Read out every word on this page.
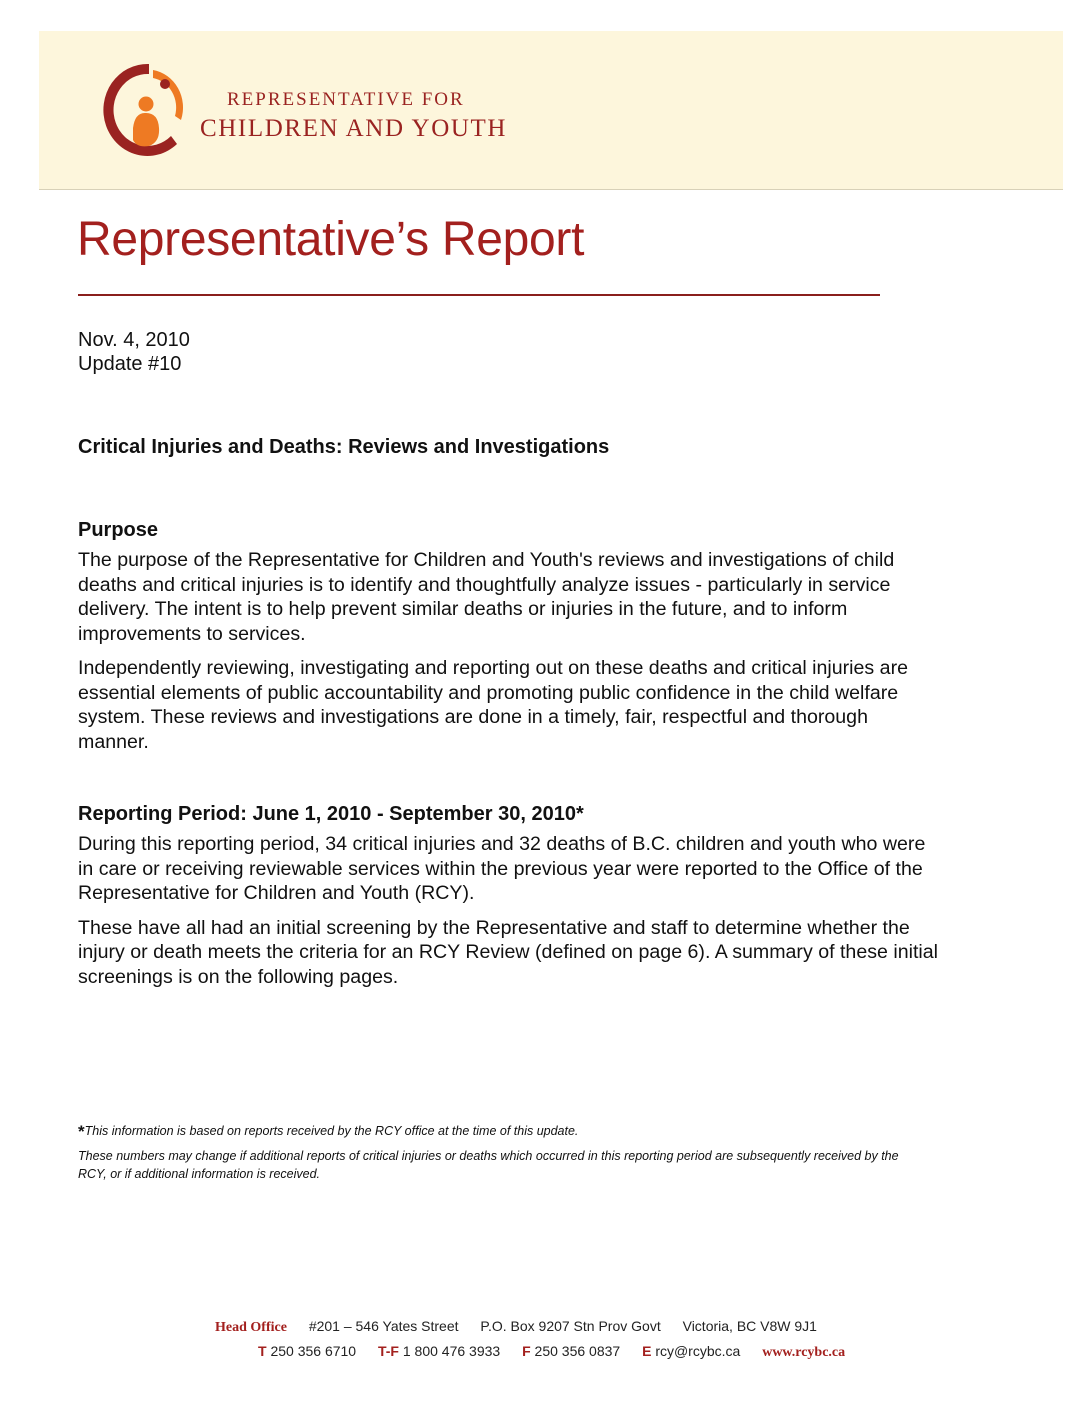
REPRESENTATIVE FOR
CHILDREN AND YOUTH
Representative’s Report
Nov. 4, 2010
Update #10
Critical Injuries and Deaths: Reviews and Investigations
Purpose

The purpose of the Representative for Children and Youth's reviews and investigations of child deaths and critical injuries is to identify and thoughtfully analyze issues - particularly in service delivery. The intent is to help prevent similar deaths or injuries in the future, and to inform improvements to services.

Independently reviewing, investigating and reporting out on these deaths and critical injuries are essential elements of public accountability and promoting public confidence in the child welfare system. These reviews and investigations are done in a timely, fair, respectful and thorough manner.

Reporting Period: June 1, 2010 - September 30, 2010*

During this reporting period, 34 critical injuries and 32 deaths of B.C. children and youth who were in care or receiving reviewable services within the previous year were reported to the Office of the Representative for Children and Youth (RCY).

These have all had an initial screening by the Representative and staff to determine whether the injury or death meets the criteria for an RCY Review (defined on page 6). A summary of these initial screenings is on the following pages.

*This information is based on reports received by the RCY office at the time of this update.

These numbers may change if additional reports of critical injuries or deaths which occurred in this reporting period are subsequently received by the RCY, or if additional information is received.

Head Office #201 – 546 Yates Street P.O. Box 9207 Stn Prov Govt Victoria, BC V8W 9J1
T 250 356 6710 T-F 1 800 476 3933 F 250 356 0837 E rcy@rcybc.ca www.rcybc.ca
